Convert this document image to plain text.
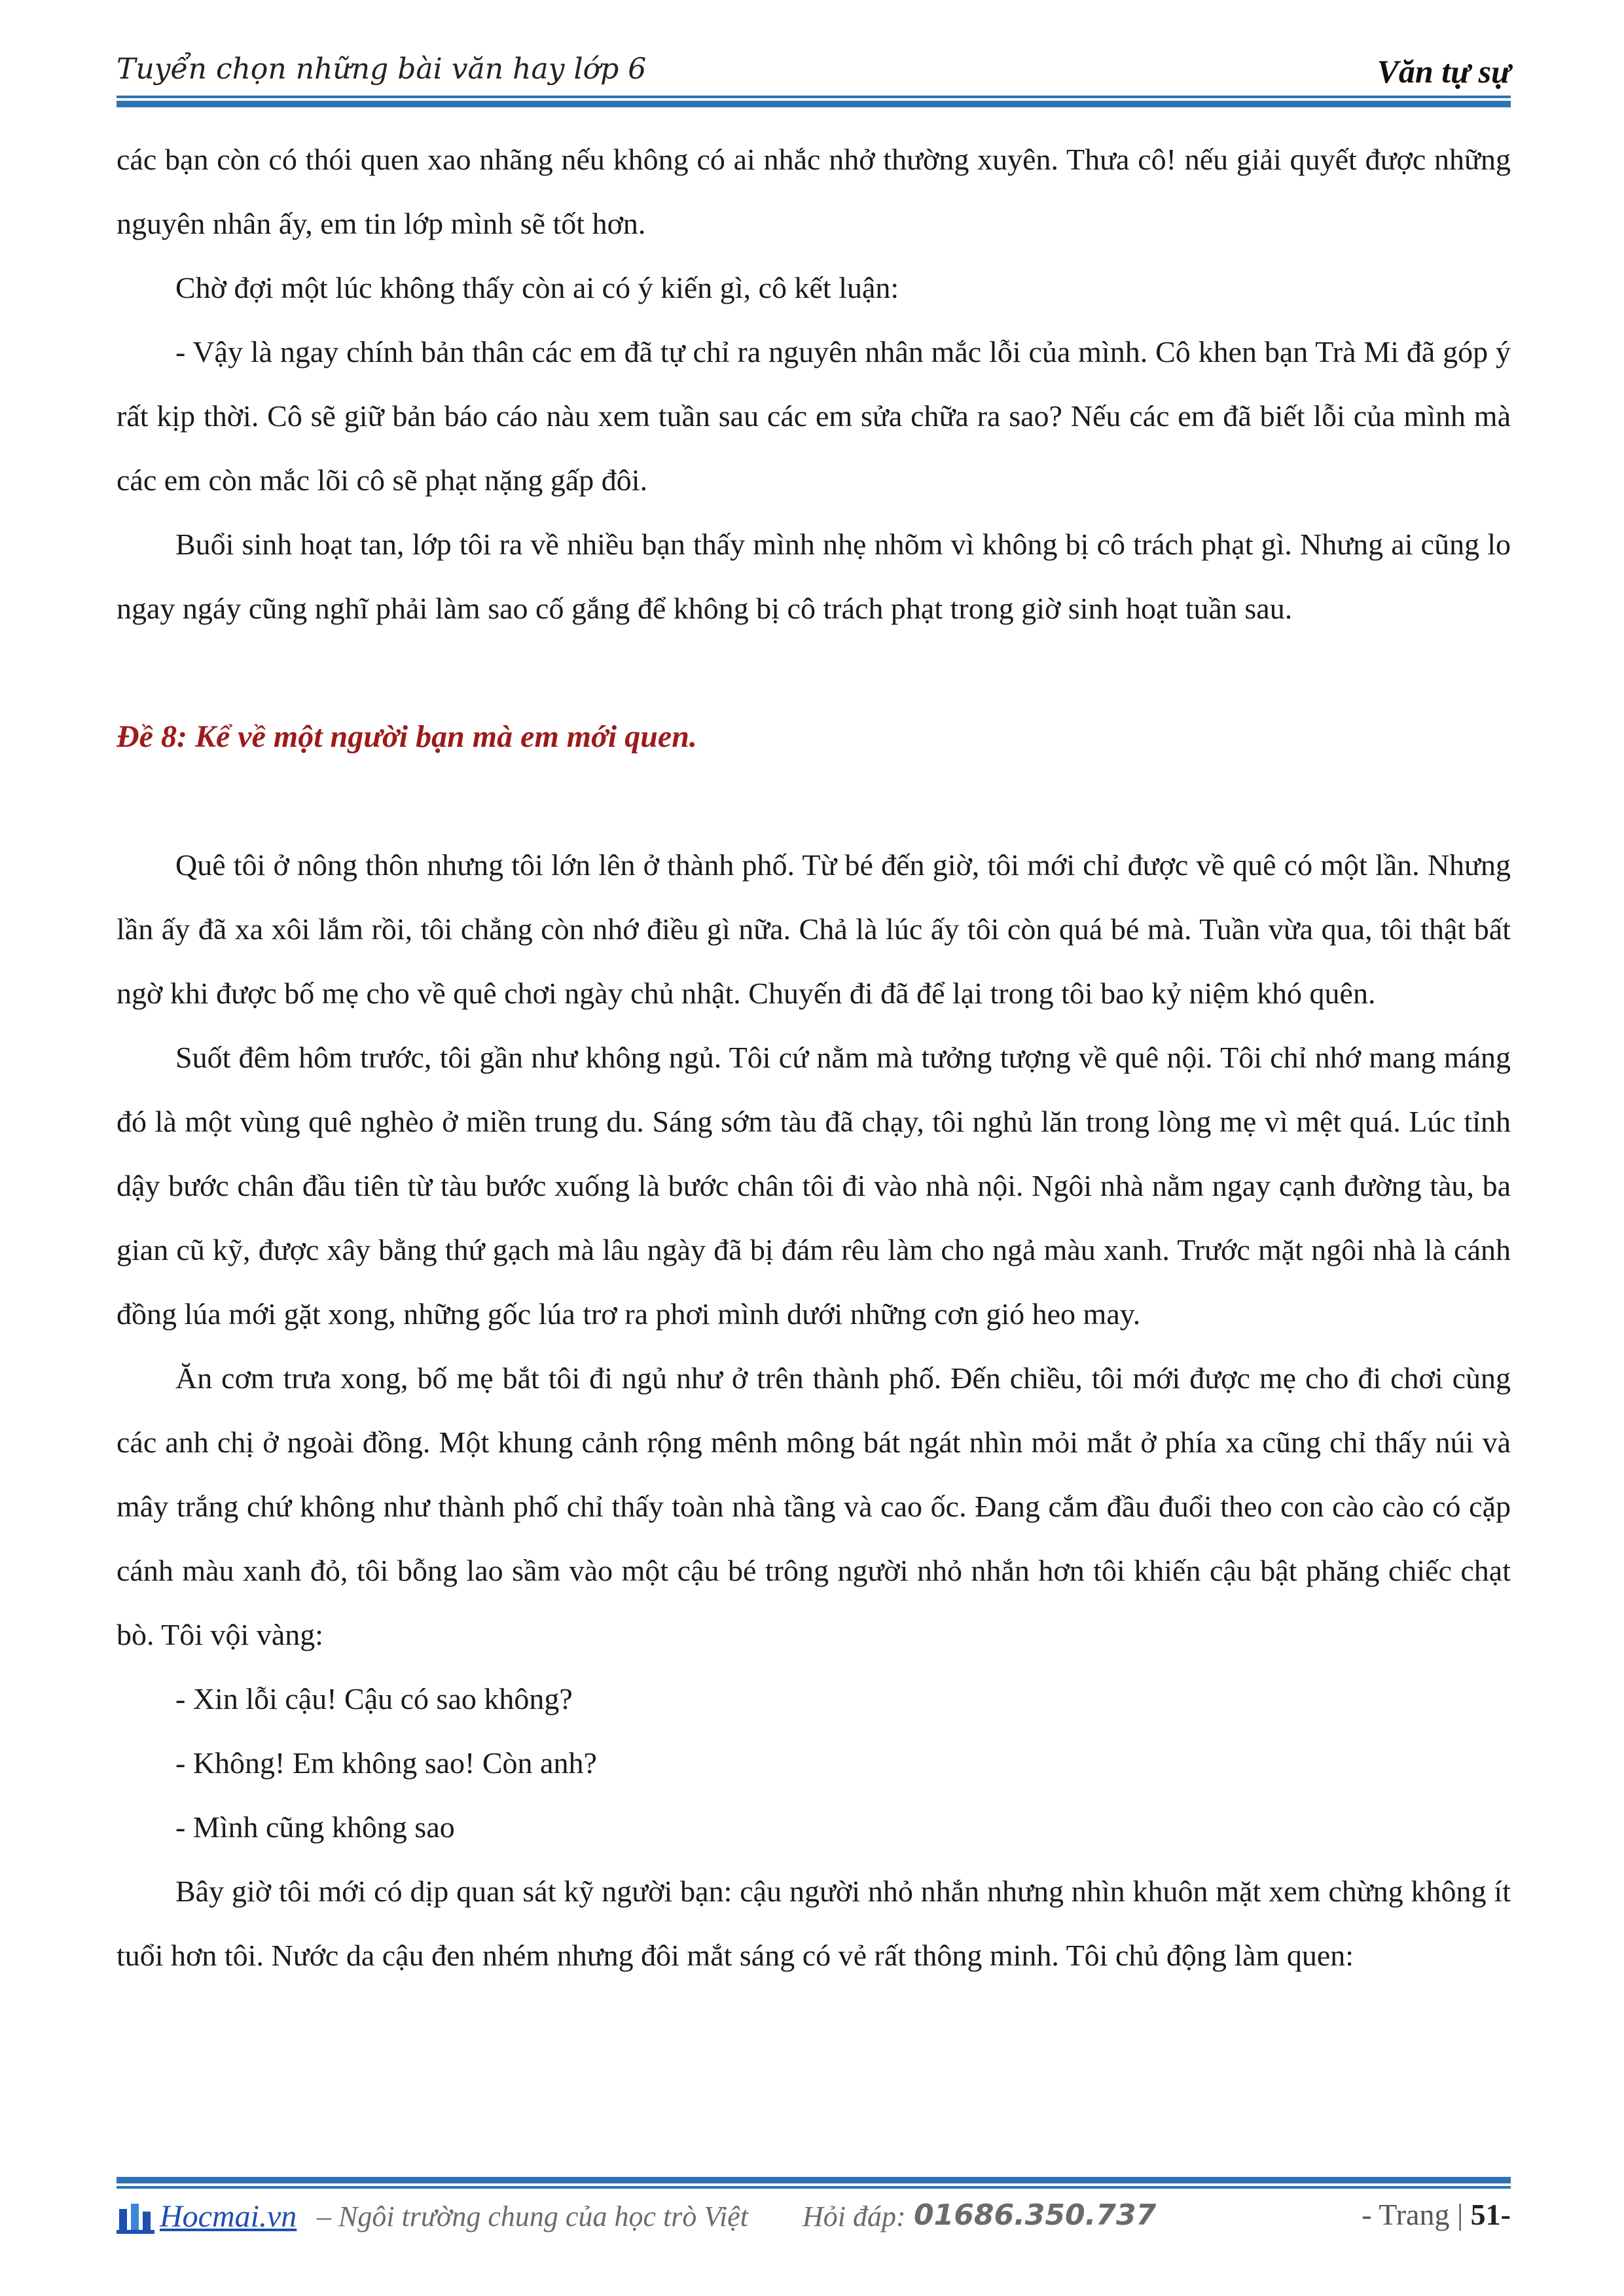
Tuyển chọn những bài văn hay lớp 6	Văn tự sự

các bạn còn có thói quen xao nhãng nếu không có ai nhắc nhở thường xuyên. Thưa cô! nếu giải quyết được những nguyên nhân ấy, em tin lớp mình sẽ tốt hơn.

Chờ đợi một lúc không thấy còn ai có ý kiến gì, cô kết luận:

- Vậy là ngay chính bản thân các em đã tự chỉ ra nguyên nhân mắc lỗi của mình. Cô khen bạn Trà Mi đã góp ý rất kịp thời. Cô sẽ giữ bản báo cáo nàu xem tuần sau các em sửa chữa ra sao? Nếu các em đã biết lỗi của mình mà các em còn mắc lõi cô sẽ phạt nặng gấp đôi.

Buổi sinh hoạt tan, lớp tôi ra về nhiều bạn thấy mình nhẹ nhõm vì không bị cô trách phạt gì. Nhưng ai cũng lo ngay ngáy cũng nghĩ phải làm sao cố gắng để không bị cô trách phạt trong giờ sinh hoạt tuần sau.

Đề 8: Kể về một người bạn mà em mới quen.

Quê tôi ở nông thôn nhưng tôi lớn lên ở thành phố. Từ bé đến giờ, tôi mới chỉ được về quê có một lần. Nhưng lần ấy đã xa xôi lắm rồi, tôi chẳng còn nhớ điều gì nữa. Chả là lúc ấy tôi còn quá bé mà. Tuần vừa qua, tôi thật bất ngờ khi được bố mẹ cho về quê chơi ngày chủ nhật. Chuyến đi đã để lại trong tôi bao kỷ niệm khó quên.

Suốt đêm hôm trước, tôi gần như không ngủ. Tôi cứ nằm mà tưởng tượng về quê nội. Tôi chỉ nhớ mang máng đó là một vùng quê nghèo ở miền trung du. Sáng sớm tàu đã chạy, tôi nghủ lăn trong lòng mẹ vì mệt quá. Lúc tỉnh dậy bước chân đầu tiên từ tàu bước xuống là bước chân tôi đi vào nhà nội. Ngôi nhà nằm ngay cạnh đường tàu, ba gian cũ kỹ, được xây bằng thứ gạch mà lâu ngày đã bị đám rêu làm cho ngả màu xanh. Trước mặt ngôi nhà là cánh đồng lúa mới gặt xong, những gốc lúa trơ ra phơi mình dưới những cơn gió heo may.

Ăn cơm trưa xong, bố mẹ bắt tôi đi ngủ như ở trên thành phố. Đến chiều, tôi mới được mẹ cho đi chơi cùng các anh chị ở ngoài đồng. Một khung cảnh rộng mênh mông bát ngát nhìn mỏi mắt ở phía xa cũng chỉ thấy núi và mây trắng chứ không như thành phố chỉ thấy toàn nhà tầng và cao ốc. Đang cắm đầu đuổi theo con cào cào có cặp cánh màu xanh đỏ, tôi bỗng lao sầm vào một cậu bé trông người nhỏ nhắn hơn tôi khiến cậu bật phăng chiếc chạt bò. Tôi vội vàng:

- Xin lỗi cậu! Cậu có sao không?

- Không! Em không sao! Còn anh?

- Mình cũng không sao

Bây giờ tôi mới có dịp quan sát kỹ người bạn: cậu người nhỏ nhắn nhưng nhìn khuôn mặt xem chừng không ít tuổi hơn tôi. Nước da cậu đen nhém nhưng đôi mắt sáng có vẻ rất thông minh. Tôi chủ động làm quen:

Hocmai.vn – Ngôi trường chung của học trò Việt Hỏi đáp: 01686.350.737	- Trang | 51-
